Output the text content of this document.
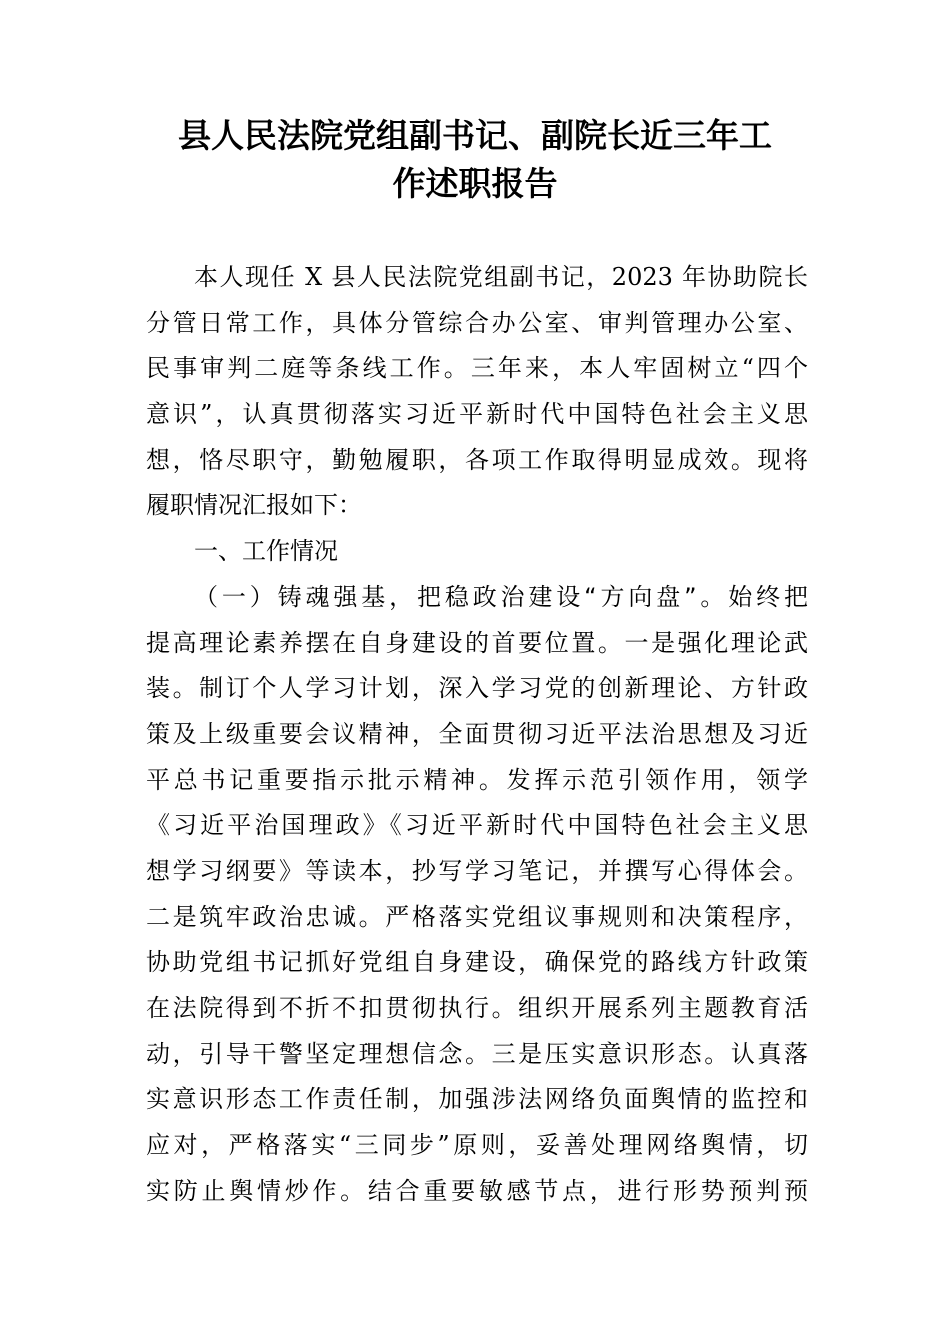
县人民法院党组副书记、副院长近三年工
作述职报告
本人现任 X 县人民法院党组副书记，2023 年协助院长
分管日常工作，具体分管综合办公室、审判管理办公室、
民事审判二庭等条线工作。三年来，本人牢固树立“四个
意识”，认真贯彻落实习近平新时代中国特色社会主义思
想，恪尽职守，勤勉履职，各项工作取得明显成效。现将
履职情况汇报如下：
一、工作情况
（一）铸魂强基，把稳政治建设“方向盘”。始终把
提高理论素养摆在自身建设的首要位置。一是强化理论武
装。制订个人学习计划，深入学习党的创新理论、方针政
策及上级重要会议精神，全面贯彻习近平法治思想及习近
平总书记重要指示批示精神。发挥示范引领作用，领学
《习近平治国理政》《习近平新时代中国特色社会主义思
想学习纲要》等读本，抄写学习笔记，并撰写心得体会。
二是筑牢政治忠诚。严格落实党组议事规则和决策程序，
协助党组书记抓好党组自身建设，确保党的路线方针政策
在法院得到不折不扣贯彻执行。组织开展系列主题教育活
动，引导干警坚定理想信念。三是压实意识形态。认真落
实意识形态工作责任制，加强涉法网络负面舆情的监控和
应对，严格落实“三同步”原则，妥善处理网络舆情，切
实防止舆情炒作。结合重要敏感节点，进行形势预判预
